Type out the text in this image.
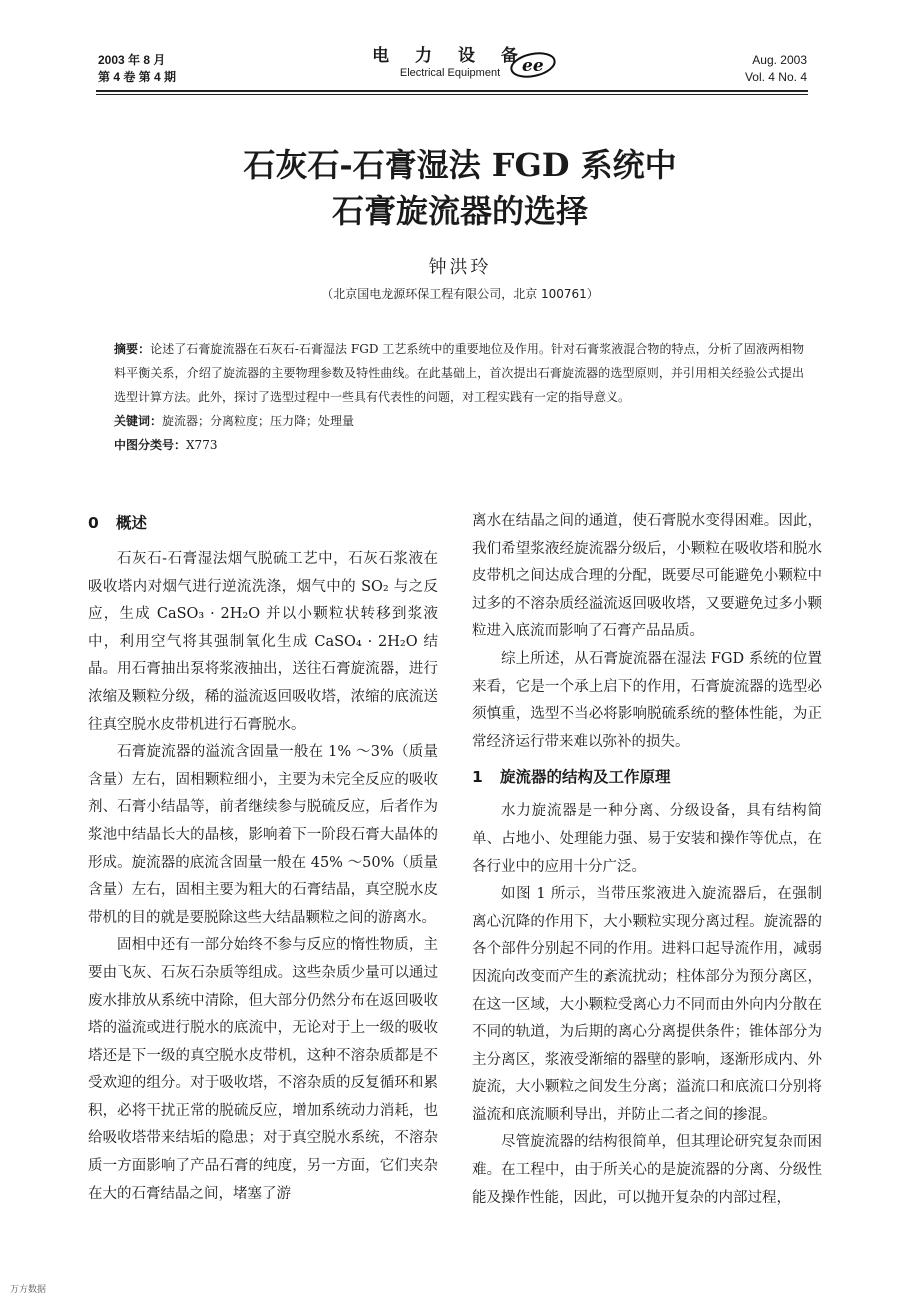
2003 年 8 月
第 4 卷 第 4 期
电 力 设 备
Electrical Equipment	ee	Aug. 2003
Vol. 4 No. 4
石灰石-石膏湿法 FGD 系统中
石膏旋流器的选择
钟洪玲
（北京国电龙源环保工程有限公司，北京 100761）
摘要：论述了石膏旋流器在石灰石-石膏湿法 FGD 工艺系统中的重要地位及作用。针对石膏浆液混合物的特点，分析了固液两相物料平衡关系，介绍了旋流器的主要物理参数及特性曲线。在此基础上，首次提出石膏旋流器的选型原则，并引用相关经验公式提出选型计算方法。此外，探讨了选型过程中一些具有代表性的问题，对工程实践有一定的指导意义。
关键词：旋流器；分离粒度；压力降；处理量
中图分类号：X773
0 概述

石灰石-石膏湿法烟气脱硫工艺中，石灰石浆液在吸收塔内对烟气进行逆流洗涤，烟气中的 SO₂ 与之反应，生成 CaSO₃ · 2H₂O 并以小颗粒状转移到浆液中，利用空气将其强制氧化生成 CaSO₄ · 2H₂O 结晶。用石膏抽出泵将浆液抽出，送往石膏旋流器，进行浓缩及颗粒分级，稀的溢流返回吸收塔，浓缩的底流送往真空脱水皮带机进行石膏脱水。

石膏旋流器的溢流含固量一般在 1% ～3%（质量含量）左右，固相颗粒细小，主要为未完全反应的吸收剂、石膏小结晶等，前者继续参与脱硫反应，后者作为浆池中结晶长大的晶核，影响着下一阶段石膏大晶体的形成。旋流器的底流含固量一般在 45% ～50%（质量含量）左右，固相主要为粗大的石膏结晶，真空脱水皮带机的目的就是要脱除这些大结晶颗粒之间的游离水。

固相中还有一部分始终不参与反应的惰性物质，主要由飞灰、石灰石杂质等组成。这些杂质少量可以通过废水排放从系统中清除，但大部分仍然分布在返回吸收塔的溢流或进行脱水的底流中，无论对于上一级的吸收塔还是下一级的真空脱水皮带机，这种不溶杂质都是不受欢迎的组分。对于吸收塔，不溶杂质的反复循环和累积，必将干扰正常的脱硫反应，增加系统动力消耗，也给吸收塔带来结垢的隐患；对于真空脱水系统，不溶杂质一方面影响了产品石膏的纯度，另一方面，它们夹杂在大的石膏结晶之间，堵塞了游

离水在结晶之间的通道，使石膏脱水变得困难。因此，我们希望浆液经旋流器分级后，小颗粒在吸收塔和脱水皮带机之间达成合理的分配，既要尽可能避免小颗粒中过多的不溶杂质经溢流返回吸收塔，又要避免过多小颗粒进入底流而影响了石膏产品品质。

综上所述，从石膏旋流器在湿法 FGD 系统的位置来看，它是一个承上启下的作用，石膏旋流器的选型必须慎重，选型不当必将影响脱硫系统的整体性能，为正常经济运行带来难以弥补的损失。

1 旋流器的结构及工作原理

水力旋流器是一种分离、分级设备，具有结构简单、占地小、处理能力强、易于安装和操作等优点，在各行业中的应用十分广泛。

如图 1 所示，当带压浆液进入旋流器后，在强制离心沉降的作用下，大小颗粒实现分离过程。旋流器的各个部件分别起不同的作用。进料口起导流作用，减弱因流向改变而产生的紊流扰动；柱体部分为预分离区，在这一区域，大小颗粒受离心力不同而由外向内分散在不同的轨道，为后期的离心分离提供条件；锥体部分为主分离区，浆液受渐缩的器壁的影响，逐渐形成内、外旋流，大小颗粒之间发生分离；溢流口和底流口分别将溢流和底流顺利导出，并防止二者之间的掺混。

尽管旋流器的结构很简单，但其理论研究复杂而困难。在工程中，由于所关心的是旋流器的分离、分级性能及操作性能，因此，可以抛开复杂的内部过程，

万方数据
